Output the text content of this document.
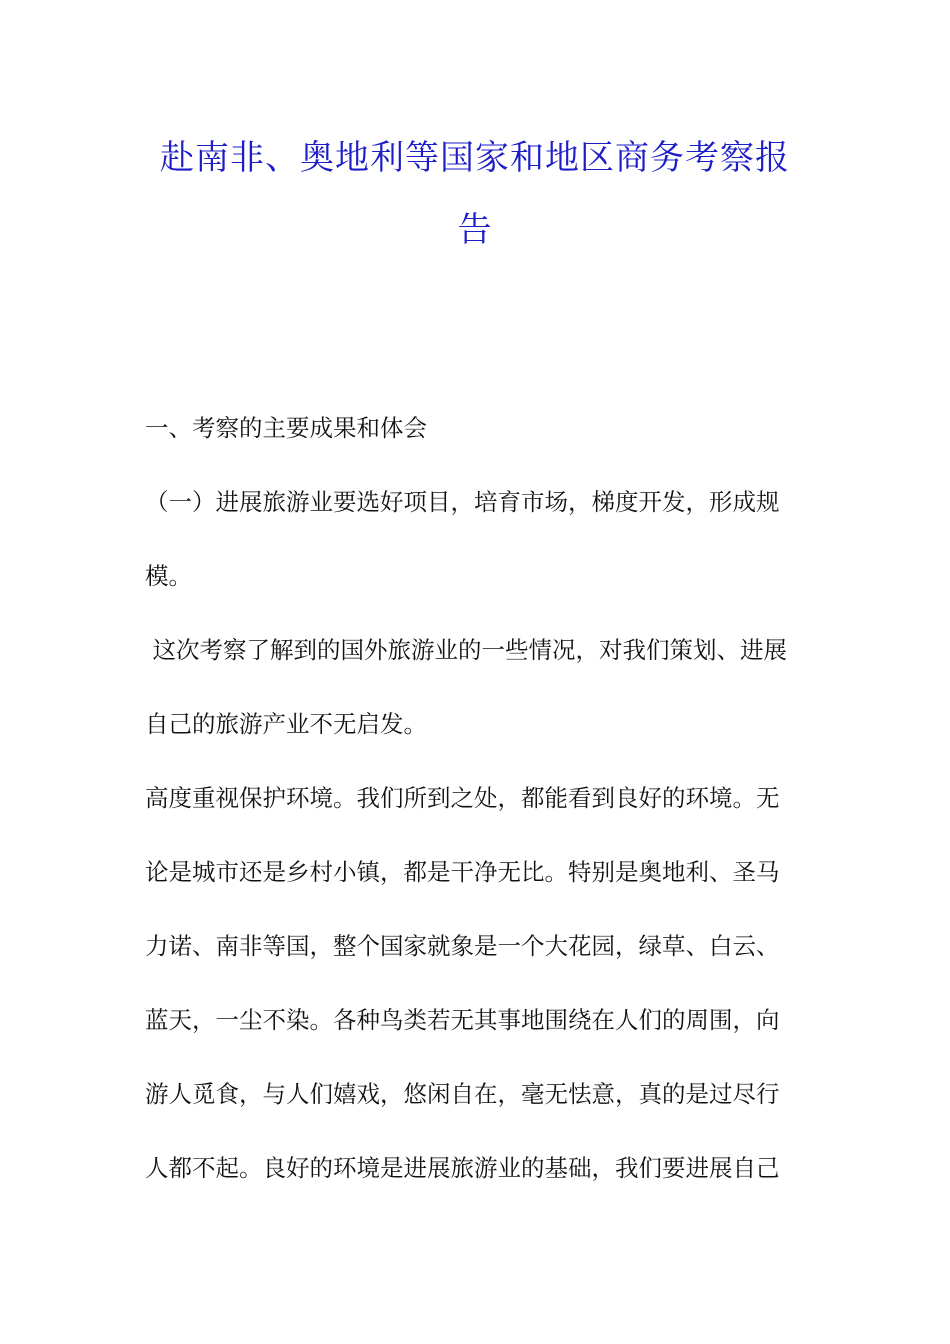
赴南非、奥地利等国家和地区商务考察报
告

一、考察的主要成果和体会

（一）进展旅游业要选好项目，培育市场，梯度开发，形成规
模。

这次考察了解到的国外旅游业的一些情况，对我们策划、进展
自己的旅游产业不无启发。

高度重视保护环境。我们所到之处，都能看到良好的环境。无
论是城市还是乡村小镇，都是干净无比。特别是奥地利、圣马
力诺、南非等国，整个国家就象是一个大花园，绿草、白云、
蓝天，一尘不染。各种鸟类若无其事地围绕在人们的周围，向
游人觅食，与人们嬉戏，悠闲自在，毫无怯意，真的是过尽行
人都不起。良好的环境是进展旅游业的基础，我们要进展自己
